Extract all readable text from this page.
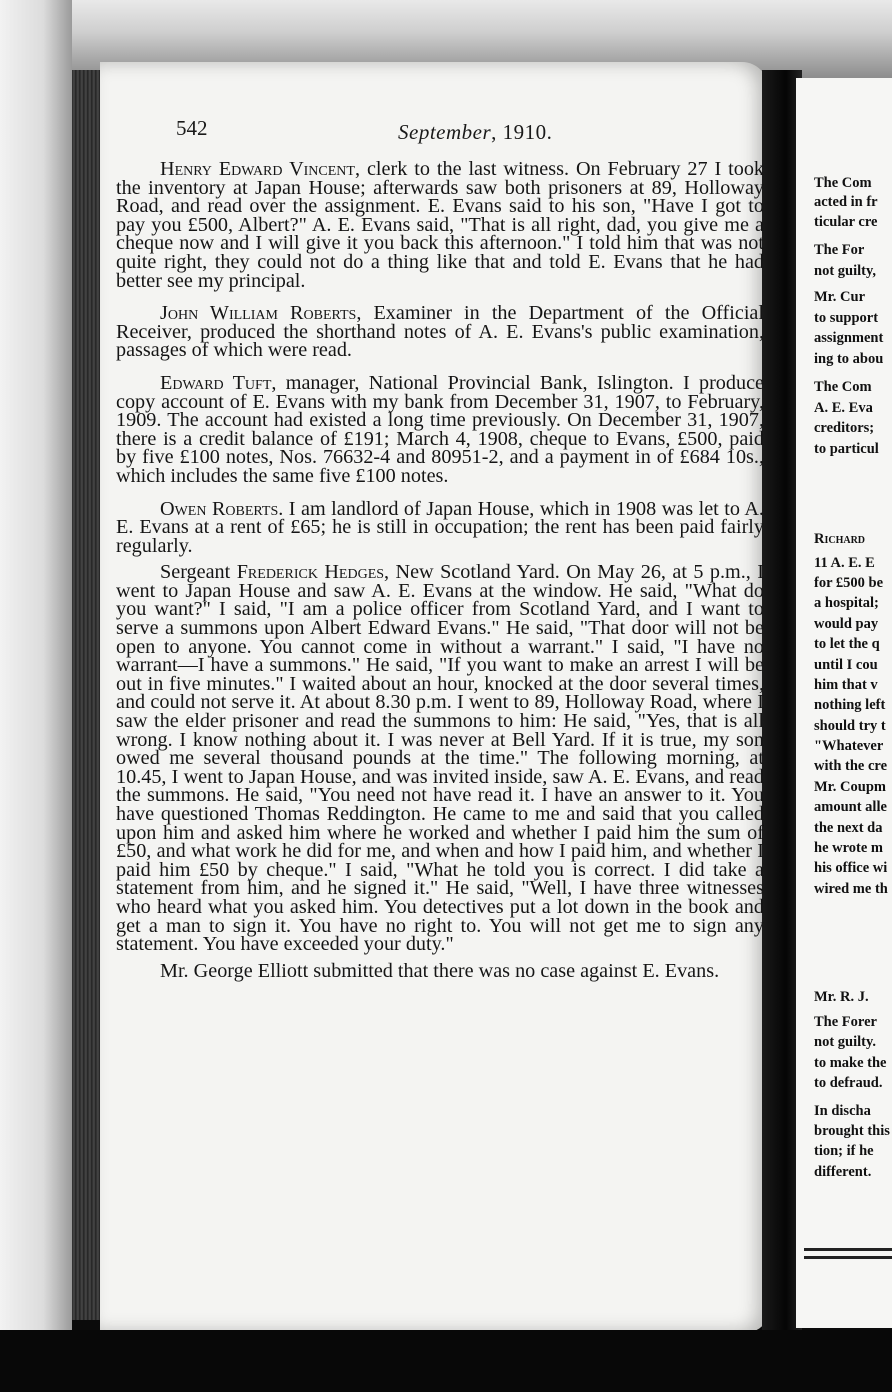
The Com
acted in fr
ticular cre
The For
not guilty,
Mr. Cur
to support
assignment
ing to abou
The Com
A. E. Eva
creditors;
to particul
Richard
11 A. E. E
for £500 be
a hospital;
would pay
to let the q
until I cou
him that v
nothing left
should try t
"Whatever
with the cre
Mr. Coupm
amount alle
the next da
he wrote m
his office wi
wired me th
Mr. R. J.
The Forer
not guilty.
to make the
to defraud.
In discha
brought this
tion; if he
different.
542	September, 1910.

Henry Edward Vincent, clerk to the last witness. On February 27 I took the inventory at Japan House; afterwards saw both prisoners at 89, Holloway Road, and read over the assignment. E. Evans said to his son, "Have I got to pay you £500, Albert?" A. E. Evans said, "That is all right, dad, you give me a cheque now and I will give it you back this afternoon." I told him that was not quite right, they could not do a thing like that and told E. Evans that he had better see my principal.

John William Roberts, Examiner in the Department of the Official Receiver, produced the shorthand notes of A. E. Evans's public examination, passages of which were read.

Edward Tuft, manager, National Provincial Bank, Islington. I produce copy account of E. Evans with my bank from December 31, 1907, to February, 1909. The account had existed a long time previously. On December 31, 1907, there is a credit balance of £191; March 4, 1908, cheque to Evans, £500, paid by five £100 notes, Nos. 76632-4 and 80951-2, and a payment in of £684 10s., which includes the same five £100 notes.

Owen Roberts. I am landlord of Japan House, which in 1908 was let to A. E. Evans at a rent of £65; he is still in occupation; the rent has been paid fairly regularly.

Sergeant Frederick Hedges, New Scotland Yard. On May 26, at 5 p.m., I went to Japan House and saw A. E. Evans at the window. He said, "What do you want?" I said, "I am a police officer from Scotland Yard, and I want to serve a summons upon Albert Edward Evans." He said, "That door will not be open to anyone. You cannot come in without a warrant." I said, "I have no warrant—I have a summons." He said, "If you want to make an arrest I will be out in five minutes." I waited about an hour, knocked at the door several times, and could not serve it. At about 8.30 p.m. I went to 89, Holloway Road, where I saw the elder prisoner and read the summons to him: He said, "Yes, that is all wrong. I know nothing about it. I was never at Bell Yard. If it is true, my son owed me several thousand pounds at the time." The following morning, at 10.45, I went to Japan House, and was invited inside, saw A. E. Evans, and read the summons. He said, "You need not have read it. I have an answer to it. You have questioned Thomas Reddington. He came to me and said that you called upon him and asked him where he worked and whether I paid him the sum of £50, and what work he did for me, and when and how I paid him, and whether I paid him £50 by cheque." I said, "What he told you is correct. I did take a statement from him, and he signed it." He said, "Well, I have three witnesses who heard what you asked him. You detectives put a lot down in the book and get a man to sign it. You have no right to. You will not get me to sign any statement. You have exceeded your duty."

Mr. George Elliott submitted that there was no case against E. Evans.
